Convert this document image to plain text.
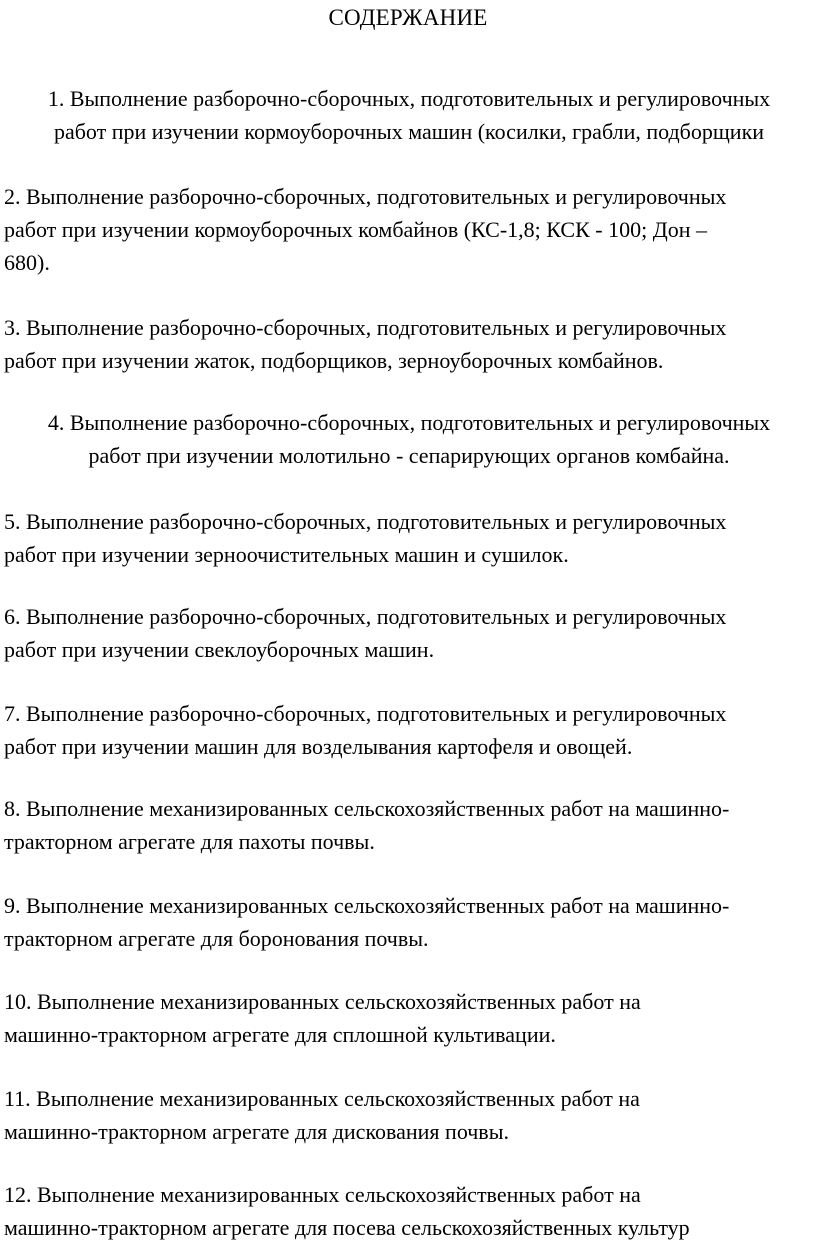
СОДЕРЖАНИЕ
1. Выполнение разборочно-сборочных, подготовительных и регулировочных
работ при изучении кормоуборочных машин (косилки, грабли, подборщики
2. Выполнение разборочно-сборочных, подготовительных и регулировочных
работ при изучении кормоуборочных комбайнов (КС-1,8; КСК - 100; Дон –
680).
3. Выполнение разборочно-сборочных, подготовительных и регулировочных
работ при изучении жаток, подборщиков, зерноуборочных комбайнов.
4. Выполнение разборочно-сборочных, подготовительных и регулировочных
работ при изучении молотильно - сепарирующих органов комбайна.
5. Выполнение разборочно-сборочных, подготовительных и регулировочных
работ при изучении зерноочистительных машин и сушилок.
6. Выполнение разборочно-сборочных, подготовительных и регулировочных
работ при изучении свеклоуборочных машин.
7. Выполнение разборочно-сборочных, подготовительных и регулировочных
работ при изучении машин для возделывания картофеля и овощей.
8. Выполнение механизированных сельскохозяйственных работ на машинно-
тракторном агрегате для пахоты почвы.
9. Выполнение механизированных сельскохозяйственных работ на машинно-
тракторном агрегате для боронования почвы.
10. Выполнение механизированных сельскохозяйственных работ на
машинно-тракторном агрегате для сплошной культивации.
11. Выполнение механизированных сельскохозяйственных работ на
машинно-тракторном агрегате для дискования почвы.
12. Выполнение механизированных сельскохозяйственных работ на
машинно-тракторном агрегате для посева сельскохозяйственных культур
